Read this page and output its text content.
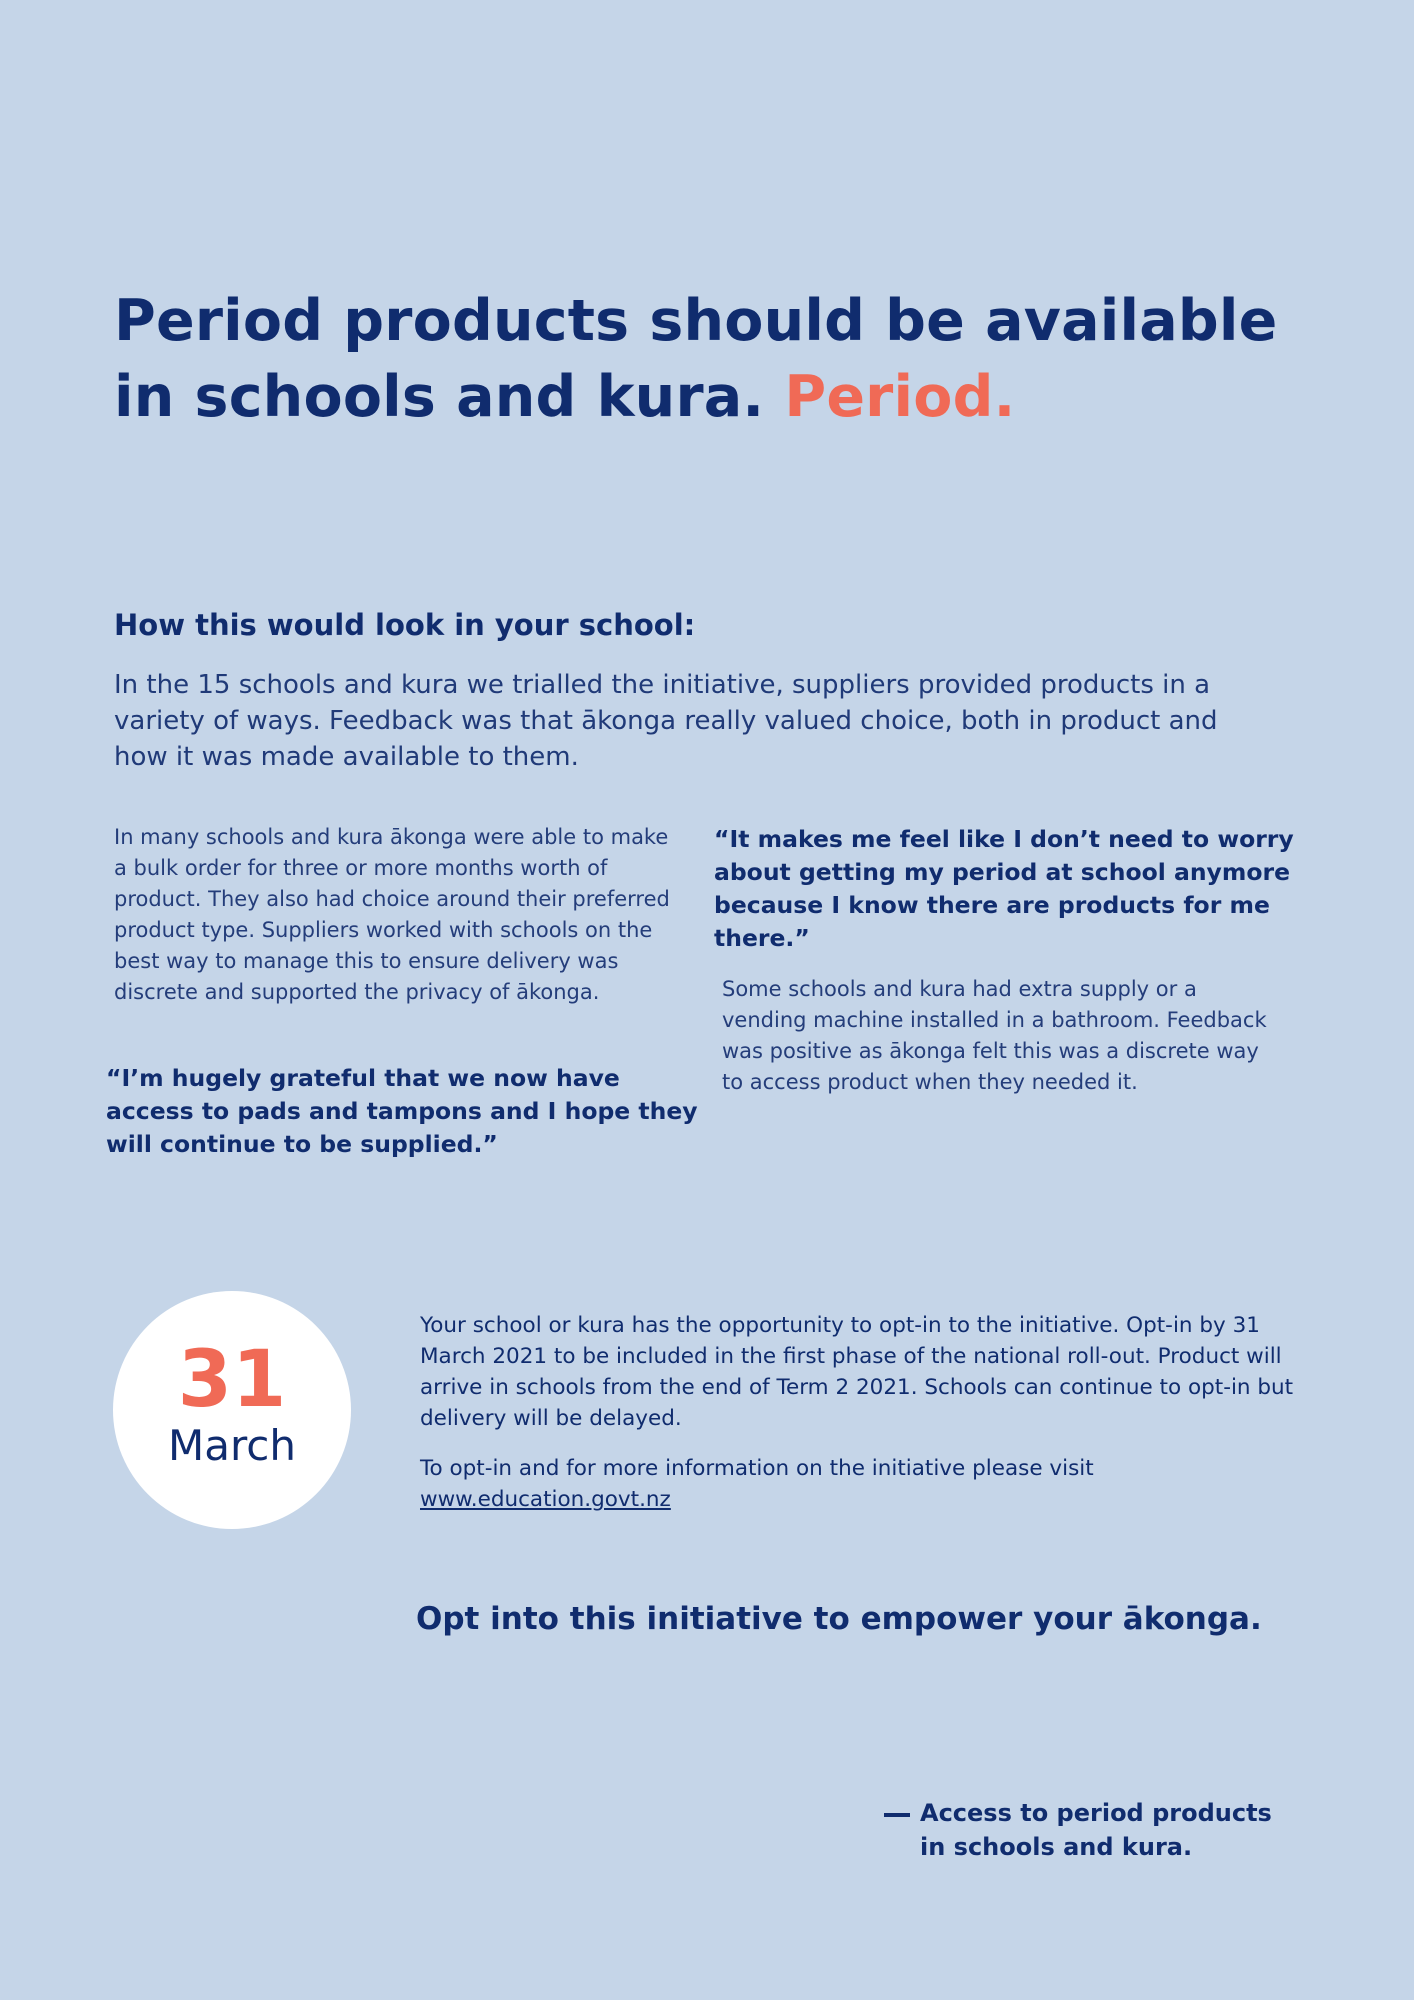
Period products should be available
in schools and kura. Period.
How this would look in your school:
In the 15 schools and kura we trialled the initiative, suppliers provided products in a variety of ways. Feedback was that ākonga really valued choice, both in product and how it was made available to them.
In many schools and kura ākonga were able to make a bulk order for three or more months worth of product. They also had choice around their preferred product type. Suppliers worked with schools on the best way to manage this to ensure delivery was discrete and supported the privacy of ākonga.
“I’m hugely grateful that we now have access to pads and tampons and I hope they will continue to be supplied.”
“It makes me feel like I don’t need to worry about getting my period at school anymore because I know there are products for me there.”
Some schools and kura had extra supply or a vending machine installed in a bathroom. Feedback was positive as ākonga felt this was a discrete way to access product when they needed it.
31
March

Your school or kura has the opportunity to opt-in to the initiative. Opt-in by 31 March 2021 to be included in the first phase of the national roll-out. Product will arrive in schools from the end of Term 2 2021. Schools can continue to opt-in but delivery will be delayed.

To opt-in and for more information on the initiative please visit
www.education.govt.nz

Opt into this initiative to empower your ākonga.
Access to period products
in schools and kura.
